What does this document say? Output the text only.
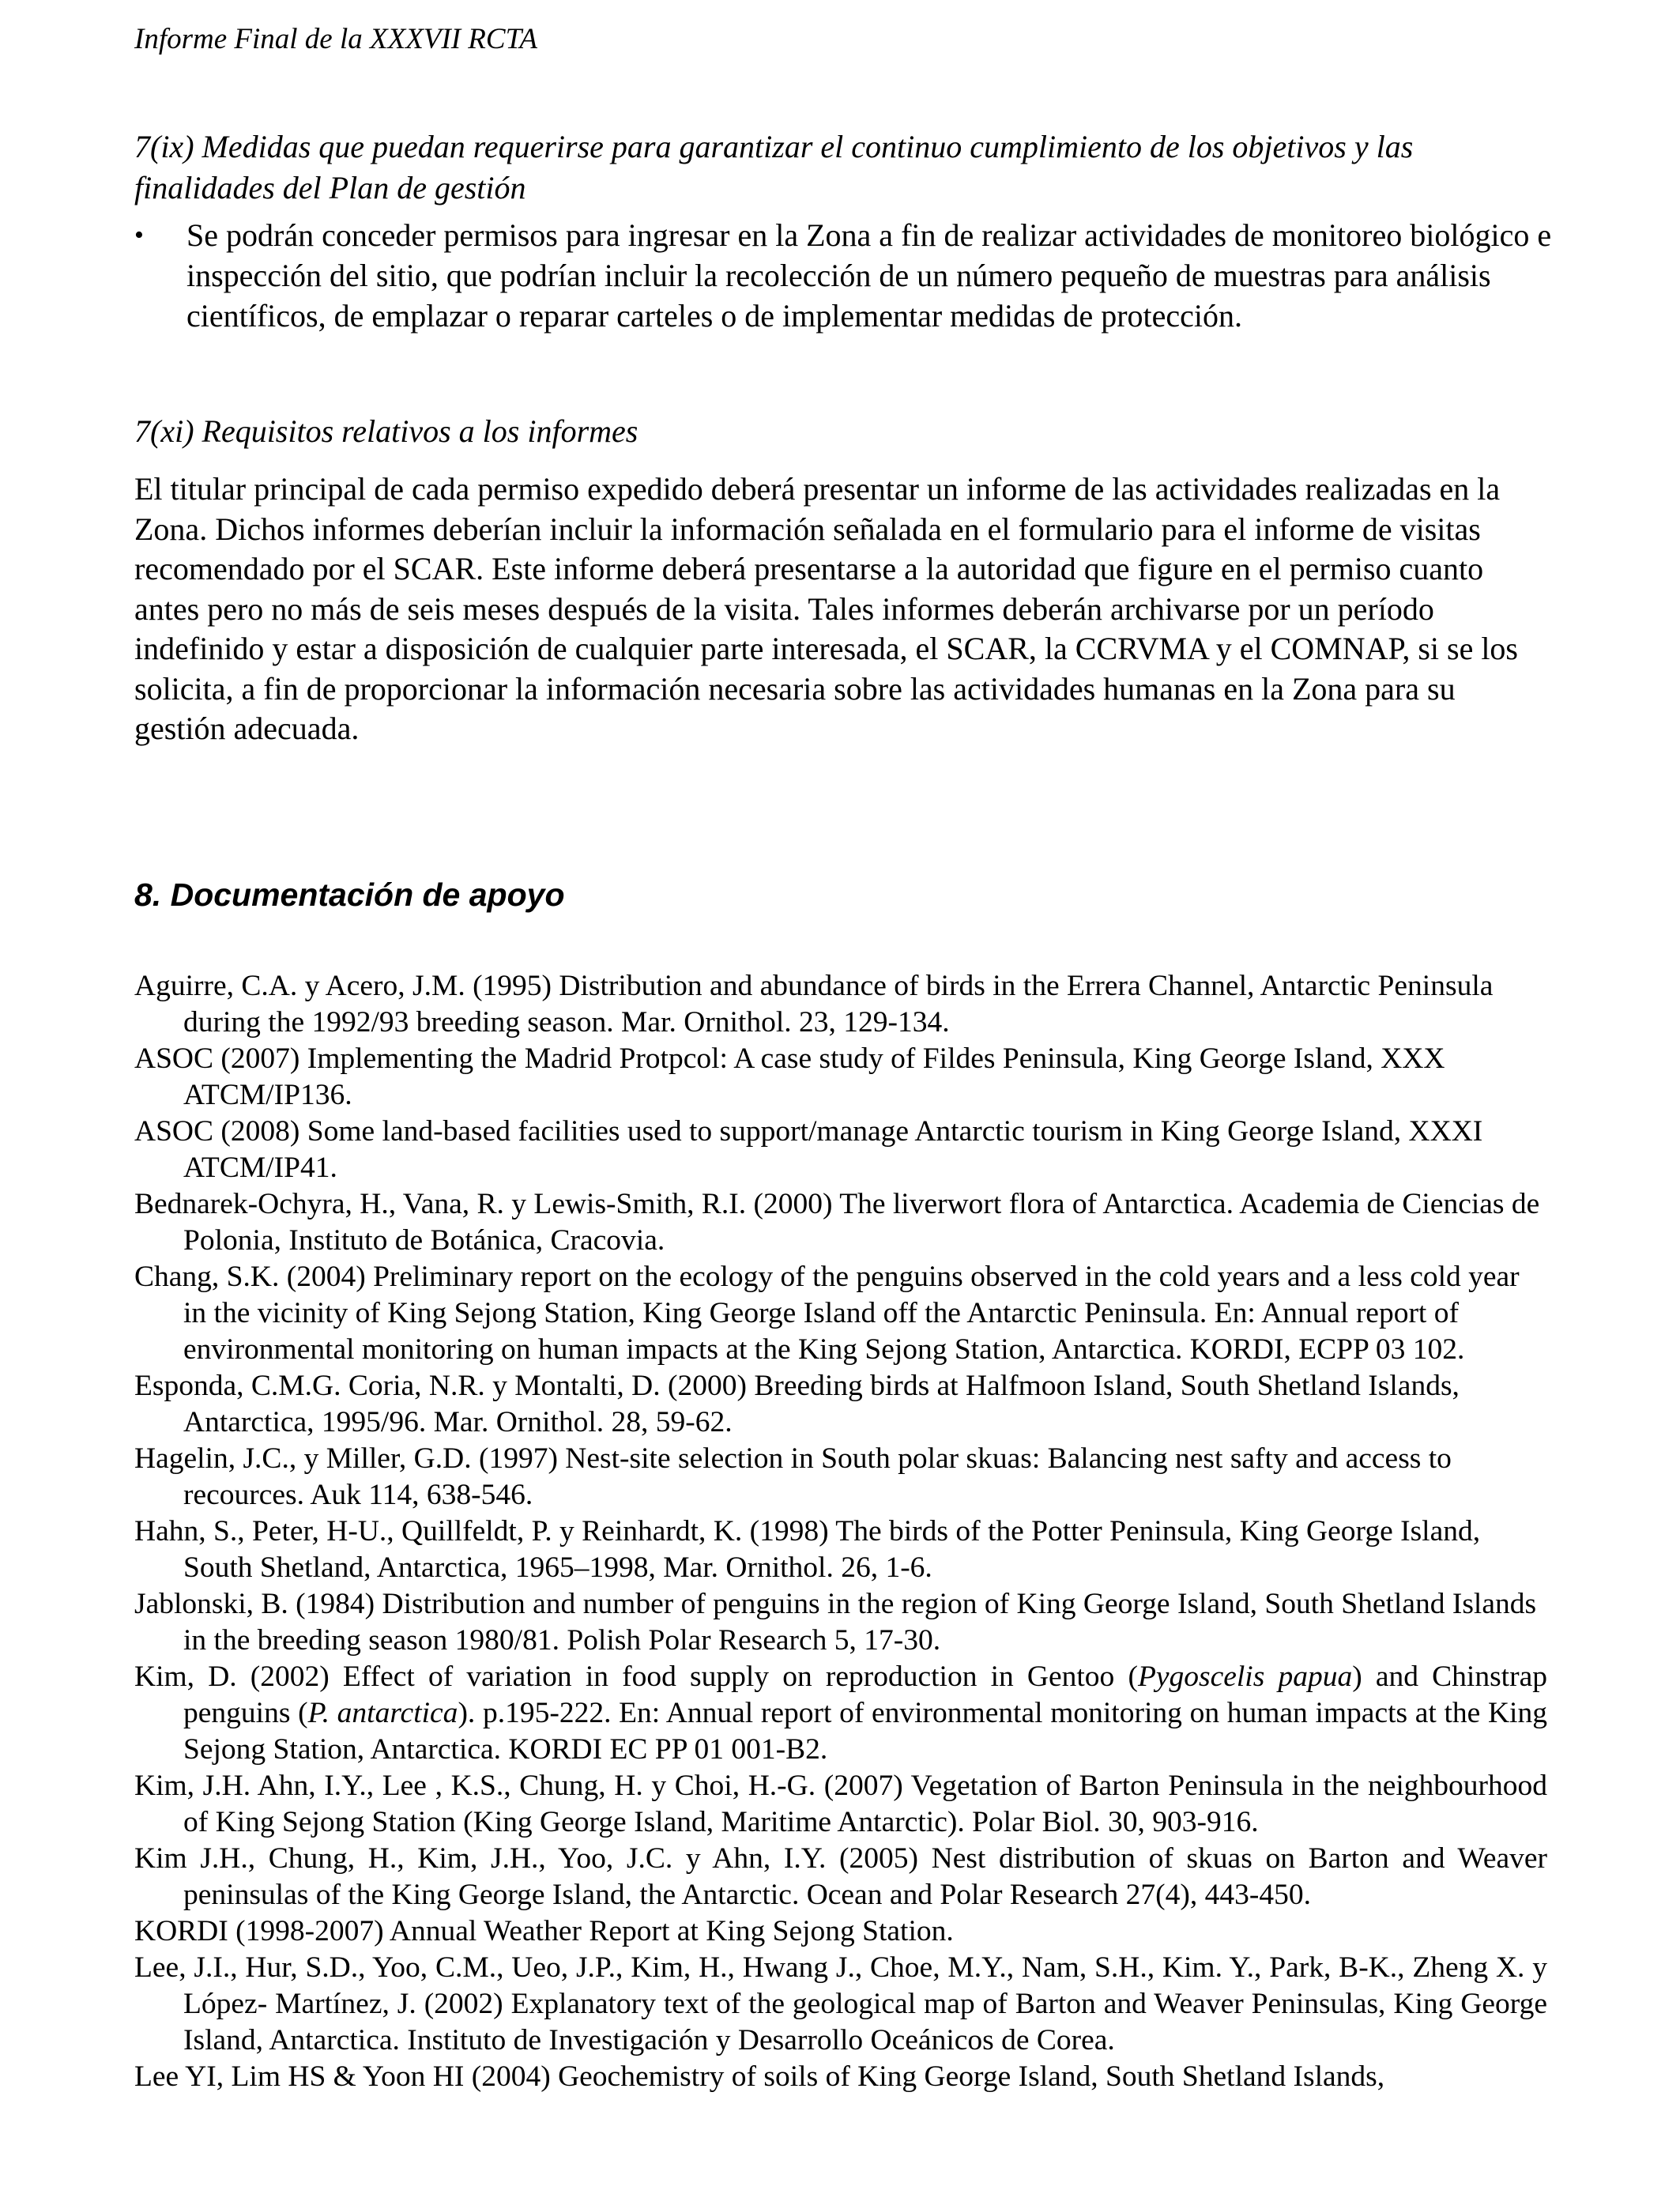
Informe Final de la XXXVII RCTA
7(ix) Medidas que puedan requerirse para garantizar el continuo cumplimiento de los objetivos y las finalidades del Plan de gestión
• Se podrán conceder permisos para ingresar en la Zona a fin de realizar actividades de monitoreo biológico e inspección del sitio, que podrían incluir la recolección de un número pequeño de muestras para análisis científicos, de emplazar o reparar carteles o de implementar medidas de protección.
7(xi) Requisitos relativos a los informes
El titular principal de cada permiso expedido deberá presentar un informe de las actividades realizadas en la Zona. Dichos informes deberían incluir la información señalada en el formulario para el informe de visitas recomendado por el SCAR. Este informe deberá presentarse a la autoridad que figure en el permiso cuanto antes pero no más de seis meses después de la visita. Tales informes deberán archivarse por un período indefinido y estar a disposición de cualquier parte interesada, el SCAR, la CCRVMA y el COMNAP, si se los solicita, a fin de proporcionar la información necesaria sobre las actividades humanas en la Zona para su gestión adecuada.
8. Documentación de apoyo

Aguirre, C.A. y Acero, J.M. (1995) Distribution and abundance of birds in the Errera Channel, Antarctic Peninsula during the 1992/93 breeding season. Mar. Ornithol. 23, 129-134.

ASOC (2007) Implementing the Madrid Protpcol: A case study of Fildes Peninsula, King George Island, XXX ATCM/IP136.

ASOC (2008) Some land-based facilities used to support/manage Antarctic tourism in King George Island, XXXI ATCM/IP41.

Bednarek-Ochyra, H., Vana, R. y Lewis-Smith, R.I. (2000) The liverwort flora of Antarctica. Academia de Ciencias de Polonia, Instituto de Botánica, Cracovia.

Chang, S.K. (2004) Preliminary report on the ecology of the penguins observed in the cold years and a less cold year in the vicinity of King Sejong Station, King George Island off the Antarctic Peninsula. En: Annual report of environmental monitoring on human impacts at the King Sejong Station, Antarctica. KORDI, ECPP 03 102.

Esponda, C.M.G. Coria, N.R. y Montalti, D. (2000) Breeding birds at Halfmoon Island, South Shetland Islands, Antarctica, 1995/96. Mar. Ornithol. 28, 59-62.

Hagelin, J.C., y Miller, G.D. (1997) Nest-site selection in South polar skuas: Balancing nest safty and access to recources. Auk 114, 638-546.

Hahn, S., Peter, H-U., Quillfeldt, P. y Reinhardt, K. (1998) The birds of the Potter Peninsula, King George Island, South Shetland, Antarctica, 1965–1998, Mar. Ornithol. 26, 1-6.

Jablonski, B. (1984) Distribution and number of penguins in the region of King George Island, South Shetland Islands in the breeding season 1980/81. Polish Polar Research 5, 17-30.

Kim, D. (2002) Effect of variation in food supply on reproduction in Gentoo (Pygoscelis papua) and Chinstrap penguins (P. antarctica). p.195-222. En: Annual report of environmental monitoring on human impacts at the King Sejong Station, Antarctica. KORDI EC PP 01 001-B2.

Kim, J.H. Ahn, I.Y., Lee , K.S., Chung, H. y Choi, H.-G. (2007) Vegetation of Barton Peninsula in the neighbourhood of King Sejong Station (King George Island, Maritime Antarctic). Polar Biol. 30, 903-916.

Kim J.H., Chung, H., Kim, J.H., Yoo, J.C. y Ahn, I.Y. (2005) Nest distribution of skuas on Barton and Weaver peninsulas of the King George Island, the Antarctic. Ocean and Polar Research 27(4), 443-450.

KORDI (1998-2007) Annual Weather Report at King Sejong Station.

Lee, J.I., Hur, S.D., Yoo, C.M., Ueo, J.P., Kim, H., Hwang J., Choe, M.Y., Nam, S.H., Kim. Y., Park, B-K., Zheng X. y López- Martínez, J. (2002) Explanatory text of the geological map of Barton and Weaver Peninsulas, King George Island, Antarctica. Instituto de Investigación y Desarrollo Oceánicos de Corea.

Lee YI, Lim HS & Yoon HI (2004) Geochemistry of soils of King George Island, South Shetland Islands,
